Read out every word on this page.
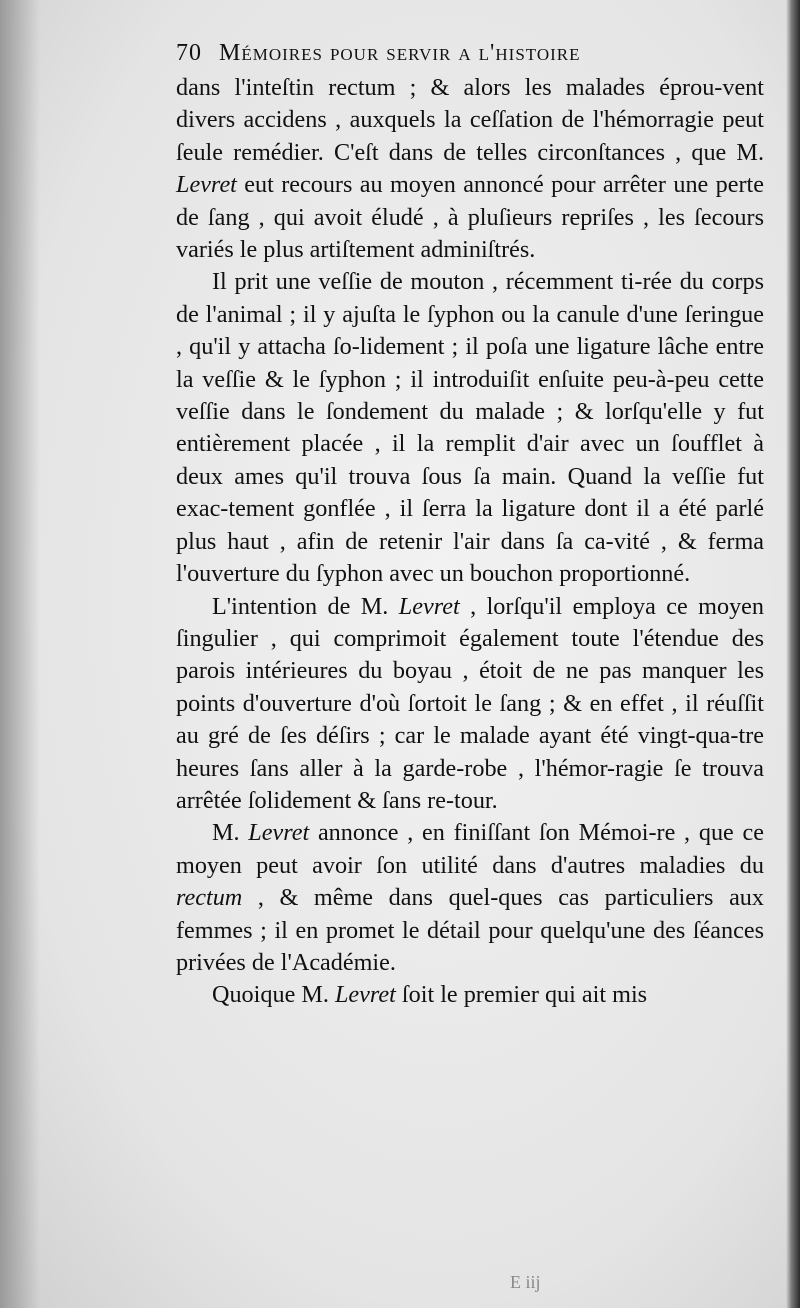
70 Mémoires pour servir a l'histoire

dans l'inteſtin rectum ; & alors les malades éprou-vent divers accidens , auxquels la ceſſation de l'hémorragie peut ſeule remédier. C'eſt dans de telles circonſtances , que M. Levret eut recours au moyen annoncé pour arrêter une perte de ſang , qui avoit éludé , à pluſieurs repriſes , les ſecours variés le plus artiſtement adminiſtrés.

Il prit une veſſie de mouton , récemment ti-rée du corps de l'animal ; il y ajuſta le ſyphon ou la canule d'une ſeringue , qu'il y attacha ſo-lidement ; il poſa une ligature lâche entre la veſſie & le ſyphon ; il introduiſit enſuite peu-à-peu cette veſſie dans le ſondement du malade ; & lorſqu'elle y fut entièrement placée , il la remplit d'air avec un ſoufflet à deux ames qu'il trouva ſous ſa main. Quand la veſſie fut exac-tement gonflée , il ſerra la ligature dont il a été parlé plus haut , afin de retenir l'air dans ſa ca-vité , & ferma l'ouverture du ſyphon avec un bouchon proportionné.

L'intention de M. Levret , lorſqu'il employa ce moyen ſingulier , qui comprimoit également toute l'étendue des parois intérieures du boyau , étoit de ne pas manquer les points d'ouverture d'où ſortoit le ſang ; & en effet , il réuſſit au gré de ſes déſirs ; car le malade ayant été vingt-qua-tre heures ſans aller à la garde-robe , l'hémor-ragie ſe trouva arrêtée ſolidement & ſans re-tour.

M. Levret annonce , en finiſſant ſon Mémoi-re , que ce moyen peut avoir ſon utilité dans d'autres maladies du rectum , & même dans quel-ques cas particuliers aux femmes ; il en promet le détail pour quelqu'une des ſéances privées de l'Académie.

Quoique M. Levret ſoit le premier qui ait mis

E iij
